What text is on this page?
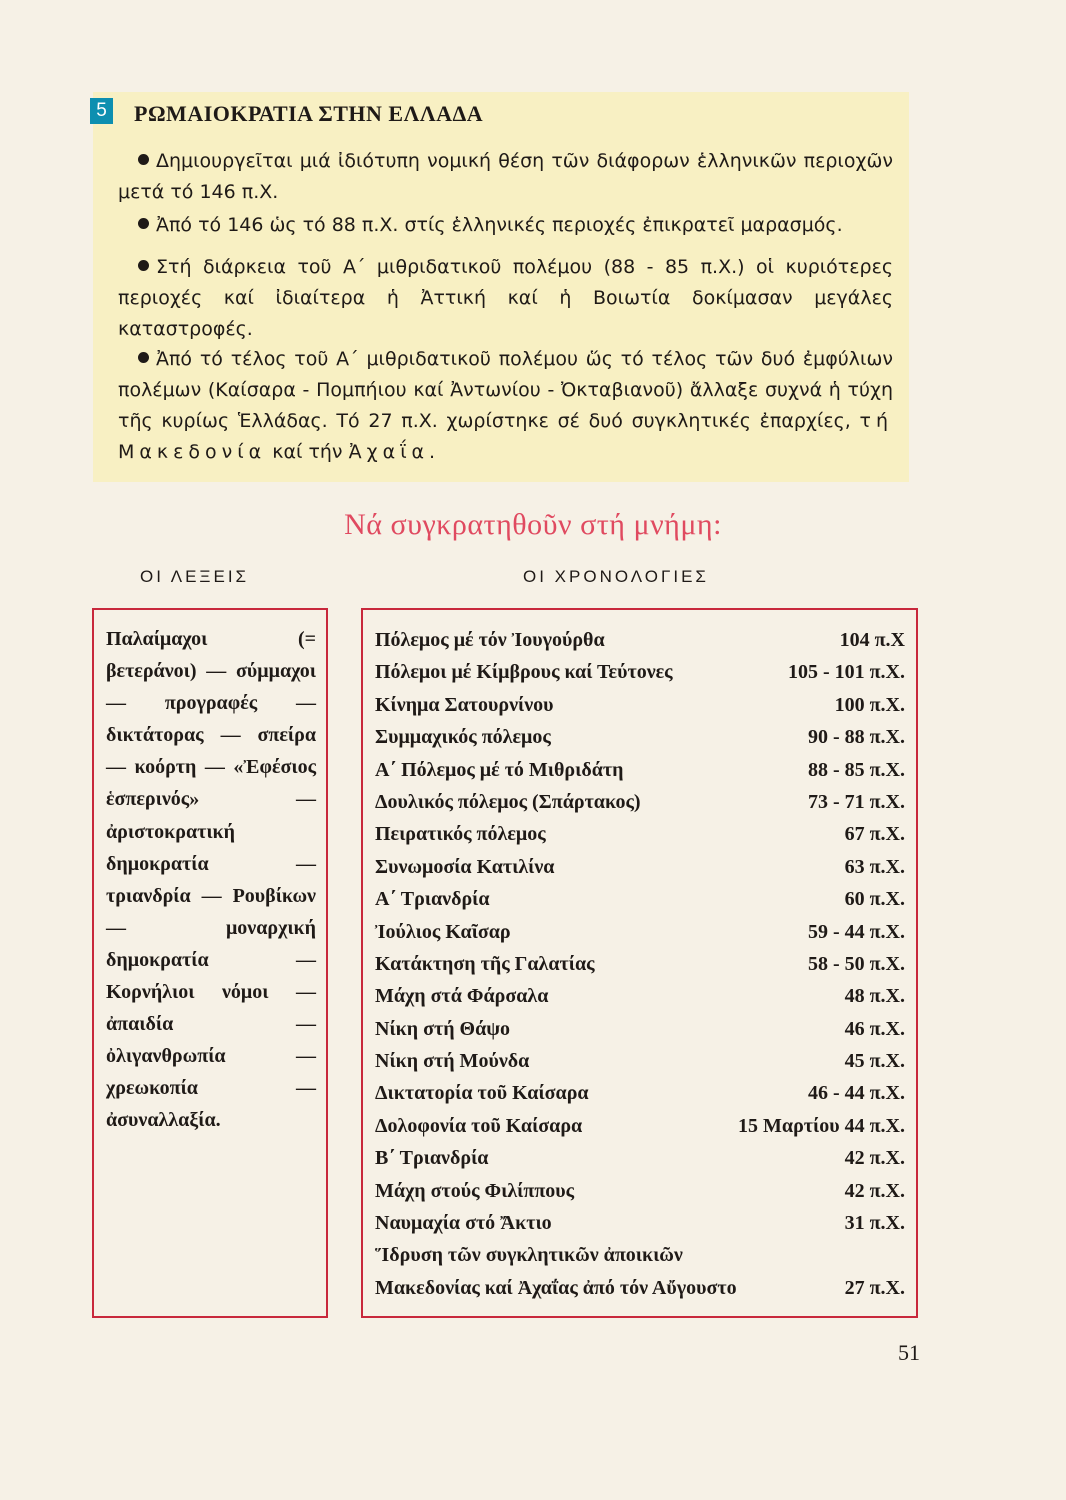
5 ΡΩΜΑΙΟΚΡΑΤΙΑ ΣΤΗΝ ΕΛΛΑΔΑ

Δημιουργεῖται μιά ἰδιότυπη νομική θέση τῶν διάφορων ἑλληνικῶν περιοχῶν μετά τό 146 π.Χ.

Ἀπό τό 146 ὡς τό 88 π.Χ. στίς ἑλληνικές περιοχές ἐπικρατεῖ μαρασμός.

Στή διάρκεια τοῦ Α΄ μιθριδατικοῦ πολέμου (88 - 85 π.Χ.) οἱ κυριότερες περιοχές καί ἰδιαίτερα ἡ Ἀττική καί ἡ Βοιωτία δοκίμασαν μεγάλες καταστροφές.

Ἀπό τό τέλος τοῦ Α΄ μιθριδατικοῦ πολέμου ὥς τό τέλος τῶν δυό ἐμφύλιων πολέμων (Καίσαρα - Πομπήιου καί Ἀντωνίου - Ὀκταβιανοῦ) ἄλλαξε συχνά ἡ τύχη τῆς κυρίως Ἑλλάδας. Τό 27 π.Χ. χωρίστηκε σέ δυό συγκλητικές ἐπαρχίες, τή Μακεδονία καί τήν Ἀχαΐα.

Νά συγκρατηθοῦν στή μνήμη:
ΟΙ ΛΕΞΕΙΣ	ΟΙ ΧΡΟΝΟΛΟΓΙΕΣ
Παλαίμαχοι (= βετεράνοι) — σύμμαχοι — προγραφές — δικτάτορας — σπείρα — κοόρτη — «Ἐφέσιος ἑσπερινός» — ἀριστοκρατική δημοκρατία — τριανδρία — Ρουβίκων — μοναρχική δημοκρατία — Κορνήλιοι νόμοι — ἀπαιδία — ὀλιγανθρωπία — χρεωκοπία — ἀσυναλλαξία.
Πόλεμος μέ τόν Ἰουγούρθα	104 π.Χ
Πόλεμοι μέ Κίμβρους καί Τεύτονες	105 - 101 π.Χ.
Κίνημα Σατουρνίνου	100 π.Χ.
Συμμαχικός πόλεμος	90 - 88 π.Χ.
Α΄ Πόλεμος μέ τό Μιθριδάτη	88 - 85 π.Χ.
Δουλικός πόλεμος (Σπάρτακος)	73 - 71 π.Χ.
Πειρατικός πόλεμος	67 π.Χ.
Συνωμοσία Κατιλίνα	63 π.Χ.
Α΄ Τριανδρία	60 π.Χ.
Ἰούλιος Καῖσαρ	59 - 44 π.Χ.
Κατάκτηση τῆς Γαλατίας	58 - 50 π.Χ.
Μάχη στά Φάρσαλα	48 π.Χ.
Νίκη στή Θάψο	46 π.Χ.
Νίκη στή Μούνδα	45 π.Χ.
Δικτατορία τοῦ Καίσαρα	46 - 44 π.Χ.
Δολοφονία τοῦ Καίσαρα	15 Μαρτίου 44 π.Χ.
Β΄ Τριανδρία	42 π.Χ.
Μάχη στούς Φιλίππους	42 π.Χ.
Ναυμαχία στό Ἄκτιο	31 π.Χ.
Ἵδρυση τῶν συγκλητικῶν ἀποικιῶν
Μακεδονίας καί Ἀχαΐας ἀπό τόν Αὔγουστο	27 π.Χ.
51
